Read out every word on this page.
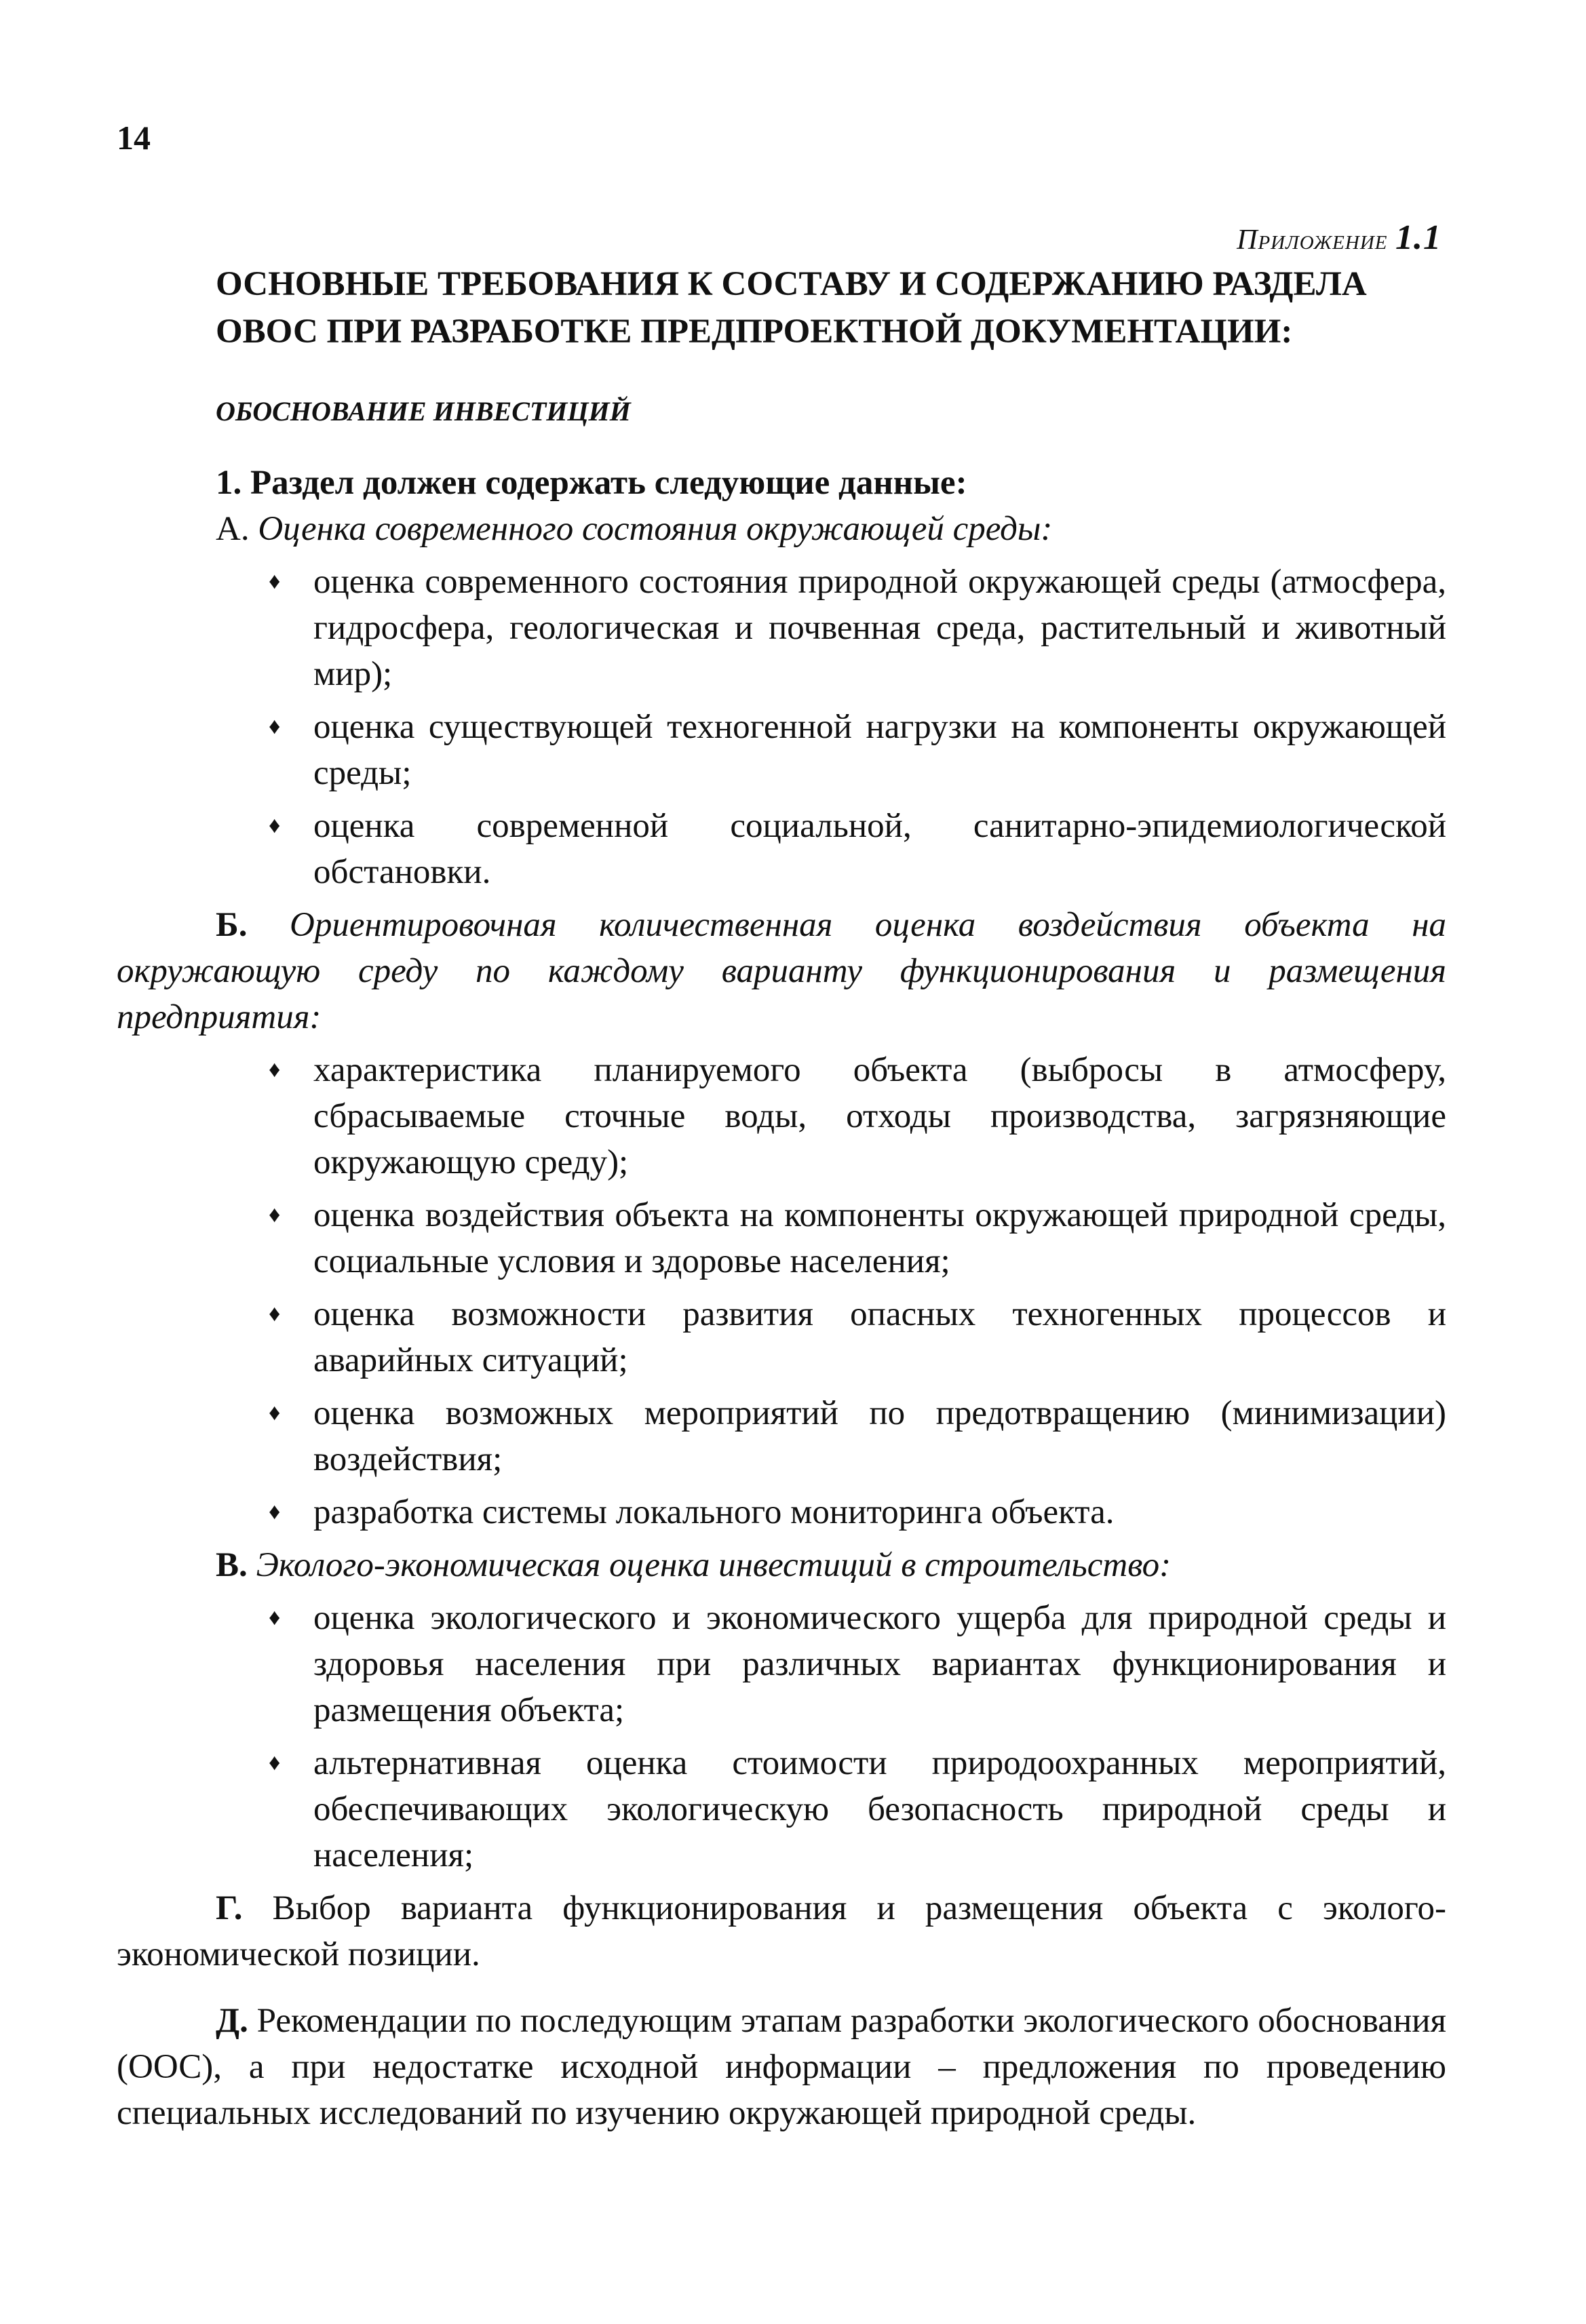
14
Приложение 1.1
ОСНОВНЫЕ ТРЕБОВАНИЯ К СОСТАВУ И СОДЕРЖАНИЮ РАЗДЕЛА ОВОС ПРИ РАЗРАБОТКЕ ПРЕДПРОЕКТНОЙ ДОКУМЕНТАЦИИ:
ОБОСНОВАНИЕ ИНВЕСТИЦИЙ

1. Раздел должен содержать следующие данные:

А. Оценка современного состояния окружающей среды:

♦ оценка современного состояния природной окружающей среды (атмосфера, гидросфера, геологическая и почвенная среда, растительный и животный мир);
♦ оценка существующей техногенной нагрузки на компоненты окружающей среды;
♦ оценка современной социальной, санитарно-эпидемиологической обстановки.

Б. Ориентировочная количественная оценка воздействия объекта на окружающую среду по каждому варианту функционирования и размещения предприятия:

♦ характеристика планируемого объекта (выбросы в атмосферу, сбрасываемые сточные воды, отходы производства, загрязняющие окружающую среду);
♦ оценка воздействия объекта на компоненты окружающей природной среды, социальные условия и здоровье населения;
♦ оценка возможности развития опасных техногенных процессов и аварийных ситуаций;
♦ оценка возможных мероприятий по предотвращению (минимизации) воздействия;
♦ разработка системы локального мониторинга объекта.

В. Эколого-экономическая оценка инвестиций в строительство:

♦ оценка экологического и экономического ущерба для природной среды и здоровья населения при различных вариантах функционирования и размещения объекта;
♦ альтернативная оценка стоимости природоохранных мероприятий, обеспечивающих экологическую безопасность природной среды и населения;

Г. Выбор варианта функционирования и размещения объекта с эколого-экономической позиции.

Д. Рекомендации по последующим этапам разработки экологического обоснования (ООС), а при недостатке исходной информации – предложения по проведению специальных исследований по изучению окружающей природной среды.
